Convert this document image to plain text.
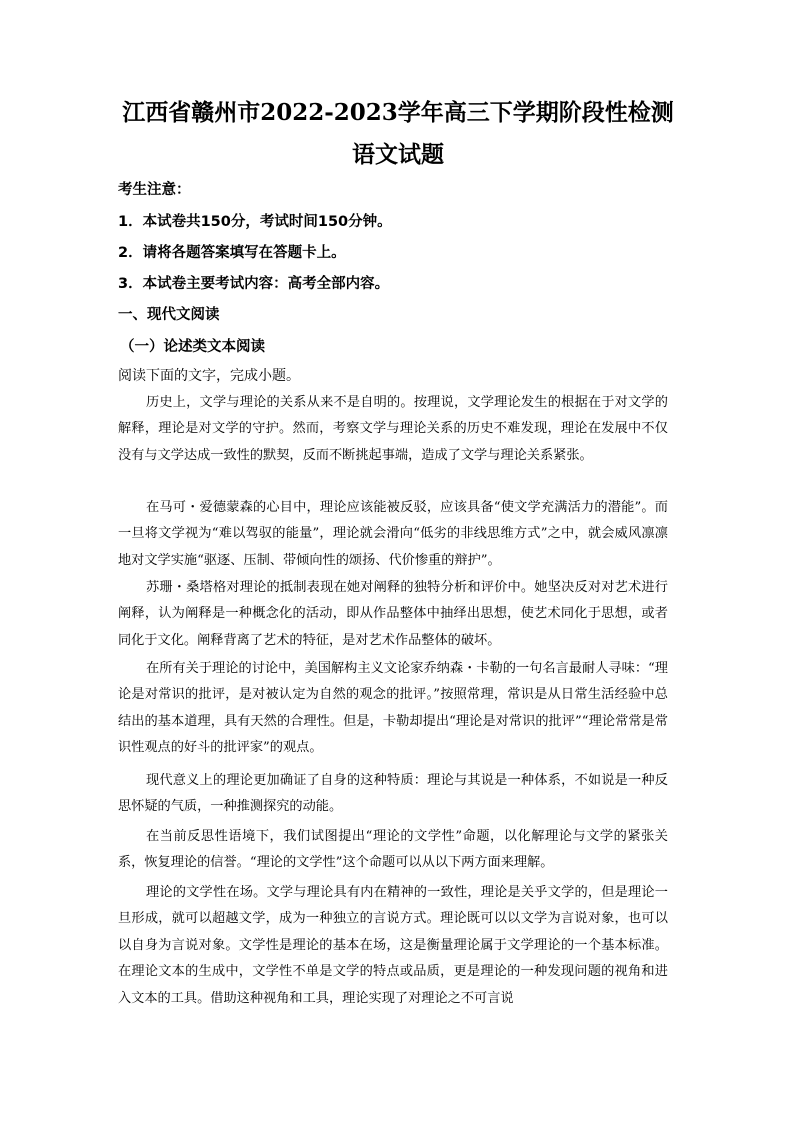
江西省赣州市2022-2023学年高三下学期阶段性检测语文试题
考生注意：
1．本试卷共150分，考试时间150分钟。
2．请将各题答案填写在答题卡上。
3．本试卷主要考试内容：高考全部内容。
一、现代文阅读
（一）论述类文本阅读
阅读下面的文字，完成小题。

历史上，文学与理论的关系从来不是自明的。按理说，文学理论发生的根据在于对文学的解释，理论是对文学的守护。然而，考察文学与理论关系的历史不难发现，理论在发展中不仅没有与文学达成一致性的默契，反而不断挑起事端，造成了文学与理论关系紧张。

在马可・爱德蒙森的心目中，理论应该能被反驳，应该具备“使文学充满活力的潜能”。而一旦将文学视为“难以驾驭的能量”，理论就会滑向“低劣的非线思维方式”之中，就会威风凛凛地对文学实施“驱逐、压制、带倾向性的颂扬、代价惨重的辩护”。

苏珊・桑塔格对理论的抵制表现在她对阐释的独特分析和评价中。她坚决反对对艺术进行阐释，认为阐释是一种概念化的活动，即从作品整体中抽绎出思想，使艺术同化于思想，或者同化于文化。阐释背离了艺术的特征，是对艺术作品整体的破坏。

在所有关于理论的讨论中，美国解构主义文论家乔纳森・卡勒的一句名言最耐人寻味：“理论是对常识的批评，是对被认定为自然的观念的批评。”按照常理，常识是从日常生活经验中总结出的基本道理，具有天然的合理性。但是，卡勒却提出“理论是对常识的批评”“理论常常是常识性观点的好斗的批评家”的观点。

现代意义上的理论更加确证了自身的这种特质：理论与其说是一种体系，不如说是一种反思怀疑的气质，一种推测探究的动能。

在当前反思性语境下，我们试图提出“理论的文学性”命题，以化解理论与文学的紧张关系，恢复理论的信誉。“理论的文学性”这个命题可以从以下两方面来理解。

理论的文学性在场。文学与理论具有内在精神的一致性，理论是关乎文学的，但是理论一旦形成，就可以超越文学，成为一种独立的言说方式。理论既可以以文学为言说对象，也可以以自身为言说对象。文学性是理论的基本在场，这是衡量理论属于文学理论的一个基本标准。在理论文本的生成中，文学性不单是文学的特点或品质，更是理论的一种发现问题的视角和进入文本的工具。借助这种视角和工具，理论实现了对理论之不可言说
